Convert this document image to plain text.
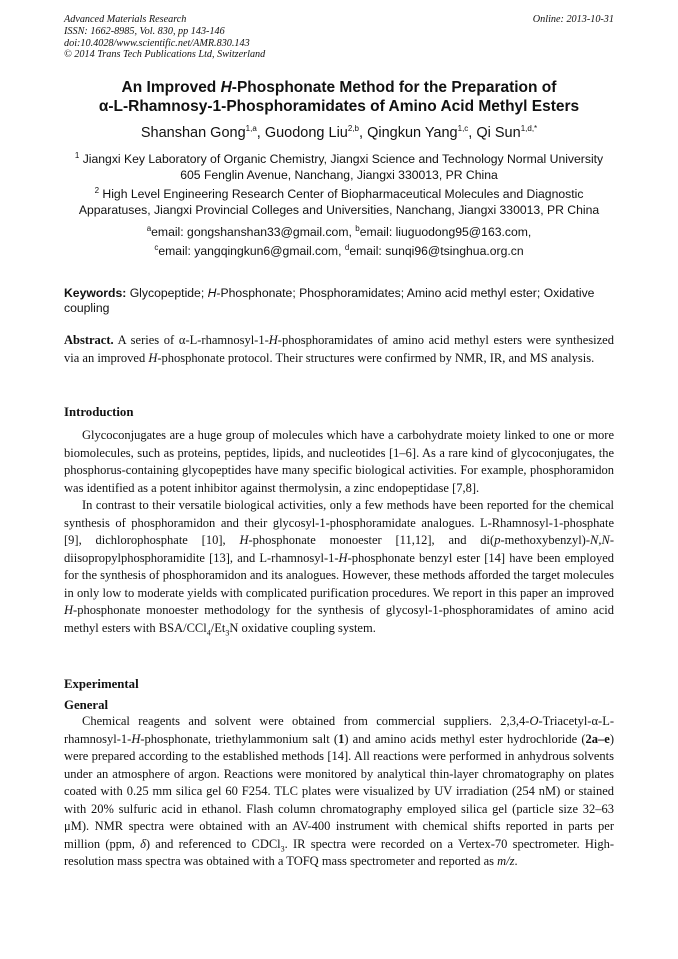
Advanced Materials Research
ISSN: 1662-8985, Vol. 830, pp 143-146
doi:10.4028/www.scientific.net/AMR.830.143
© 2014 Trans Tech Publications Ltd, Switzerland
Online: 2013-10-31
An Improved H-Phosphonate Method for the Preparation of
α-L-Rhamnosy-1-Phosphoramidates of Amino Acid Methyl Esters
Shanshan Gong$^{1,a}$, Guodong Liu$^{2,b}$, Qingkun Yang$^{1,c}$, Qi Sun$^{1,d,*}$
$^1$ Jiangxi Key Laboratory of Organic Chemistry, Jiangxi Science and Technology Normal University
605 Fenglin Avenue, Nanchang, Jiangxi 330013, PR China
$^2$ High Level Engineering Research Center of Biopharmaceutical Molecules and Diagnostic
Apparatuses, Jiangxi Provincial Colleges and Universities, Nanchang, Jiangxi 330013, PR China
$^a$email: gongshanshan33@gmail.com, $^b$email: liuguodong95@163.com,
$^c$email: yangqingkun6@gmail.com, $^d$email: sunqi96@tsinghua.org.cn
Keywords: Glycopeptide; H-Phosphonate; Phosphoramidates; Amino acid methyl ester; Oxidative coupling
Abstract. A series of α-L-rhamnosyl-1-H-phosphoramidates of amino acid methyl esters were synthesized via an improved H-phosphonate protocol. Their structures were confirmed by NMR, IR, and MS analysis.
Introduction

Glycoconjugates are a huge group of molecules which have a carbohydrate moiety linked to one or more biomolecules, such as proteins, peptides, lipids, and nucleotides [1–6]. As a rare kind of glycoconjugates, the phosphorus-containing glycopeptides have many specific biological activities. For example, phosphoramidon was identified as a potent inhibitor against thermolysin, a zinc endopeptidase [7,8].

In contrast to their versatile biological activities, only a few methods have been reported for the chemical synthesis of phosphoramidon and their glycosyl-1-phosphoramidate analogues. L-Rhamnosyl-1-phosphate [9], dichlorophosphate [10], H-phosphonate monoester [11,12], and di(p-methoxybenzyl)-N,N-diisopropylphosphoramidite [13], and L-rhamnosyl-1-H-phosphonate benzyl ester [14] have been employed for the synthesis of phosphoramidon and its analogues. However, these methods afforded the target molecules in only low to moderate yields with complicated purification procedures. We report in this paper an improved H-phosphonate monoester methodology for the synthesis of glycosyl-1-phosphoramidates of amino acid methyl esters with BSA/$CCl_4/Et_3N$ oxidative coupling system.

Experimental
General

Chemical reagents and solvent were obtained from commercial suppliers. 2,3,4-O-Triacetyl-α-L-rhamnosyl-1-H-phosphonate, triethylammonium salt (1) and amino acids methyl ester hydrochloride (2a–e) were prepared according to the established methods [14]. All reactions were performed in anhydrous solvents under an atmosphere of argon. Reactions were monitored by analytical thin-layer chromatography on plates coated with 0.25 mm silica gel 60 F254. TLC plates were visualized by UV irradiation (254 nM) or stained with 20% sulfuric acid in ethanol. Flash column chromatography employed silica gel (particle size 32–63 μM). NMR spectra were obtained with an AV-400 instrument with chemical shifts reported in parts per million (ppm, δ) and referenced to CDCl$_3$. IR spectra were recorded on a Vertex-70 spectrometer. High-resolution mass spectra was obtained with a TOFQ mass spectrometer and reported as m/z.
